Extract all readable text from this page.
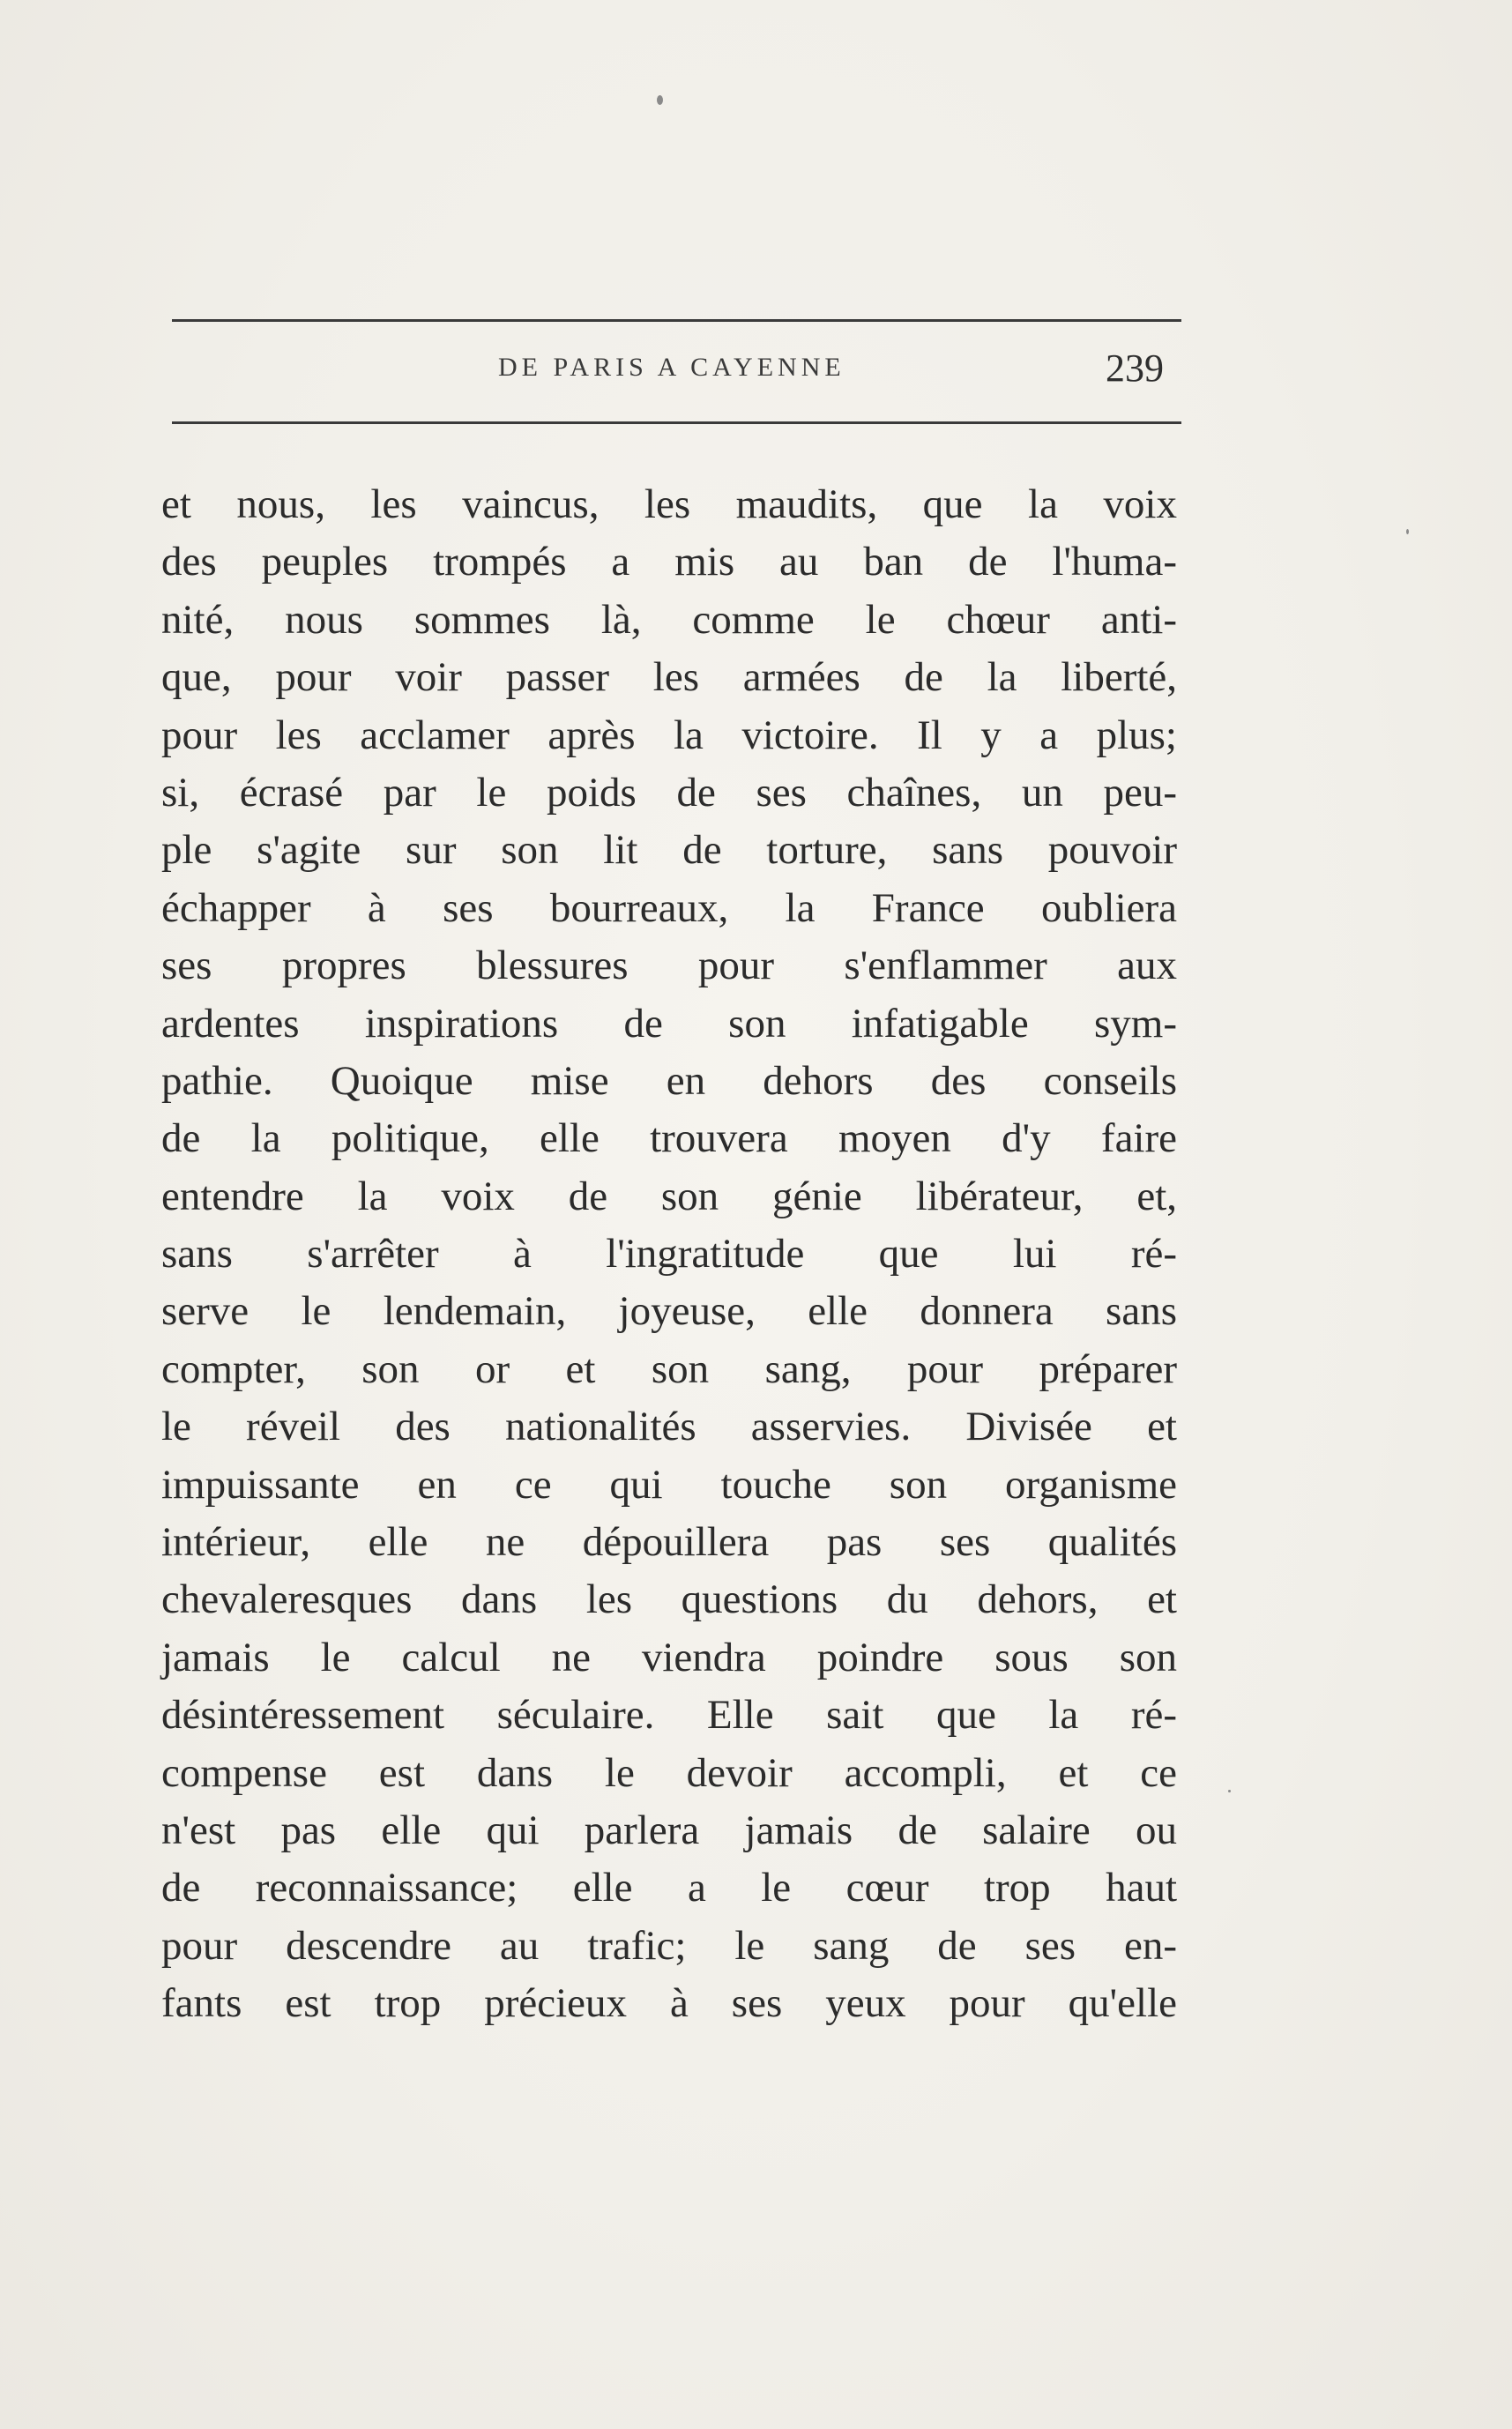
DE PARIS A CAYENNE	239
et nous, les vaincus, les maudits, que la voix
des peuples trompés a mis au ban de l'huma-
nité, nous sommes là, comme le chœur anti-
que, pour voir passer les armées de la liberté,
pour les acclamer après la victoire. Il y a plus;
si, écrasé par le poids de ses chaînes, un peu-
ple s'agite sur son lit de torture, sans pouvoir
échapper à ses bourreaux, la France oubliera
ses propres blessures pour s'enflammer aux
ardentes inspirations de son infatigable sym-
pathie. Quoique mise en dehors des conseils
de la politique, elle trouvera moyen d'y faire
entendre la voix de son génie libérateur, et,
sans s'arrêter à l'ingratitude que lui ré-
serve le lendemain, joyeuse, elle donnera sans
compter, son or et son sang, pour préparer
le réveil des nationalités asservies. Divisée et
impuissante en ce qui touche son organisme
intérieur, elle ne dépouillera pas ses qualités
chevaleresques dans les questions du dehors, et
jamais le calcul ne viendra poindre sous son
désintéressement séculaire. Elle sait que la ré-
compense est dans le devoir accompli, et ce
n'est pas elle qui parlera jamais de salaire ou
de reconnaissance; elle a le cœur trop haut
pour descendre au trafic; le sang de ses en-
fants est trop précieux à ses yeux pour qu'elle
